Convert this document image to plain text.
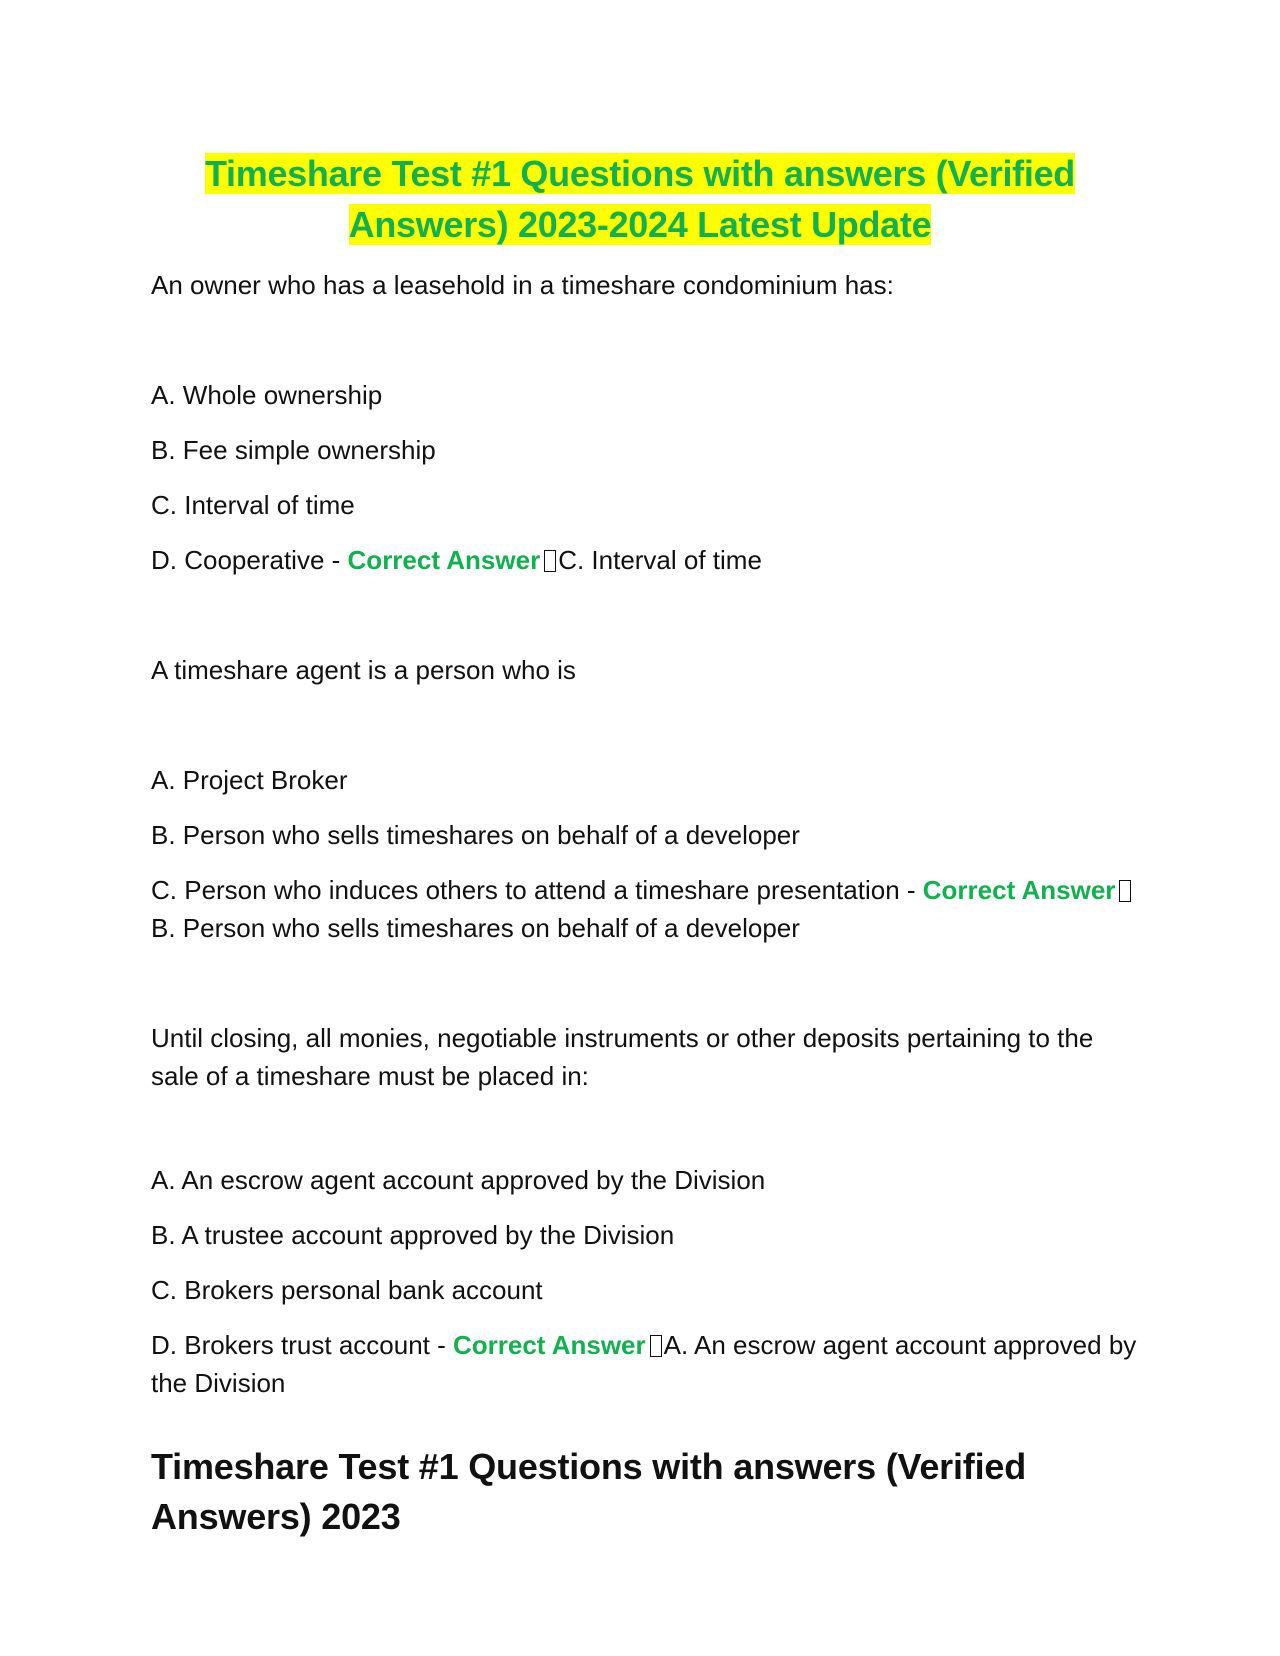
Timeshare Test #1 Questions with answers (Verified
Answers) 2023-2024 Latest Update
An owner who has a leasehold in a timeshare condominium has:
A. Whole ownership
B. Fee simple ownership
C. Interval of time
D. Cooperative - Correct Answer C. Interval of time
A timeshare agent is a person who is
A. Project Broker
B. Person who sells timeshares on behalf of a developer
C. Person who induces others to attend a timeshare presentation - Correct AnswerB. Person who sells timeshares on behalf of a developer
Until closing, all monies, negotiable instruments or other deposits pertaining to the sale of a timeshare must be placed in:
A. An escrow agent account approved by the Division
B. A trustee account approved by the Division
C. Brokers personal bank account
D. Brokers trust account - Correct Answer A. An escrow agent account approved by the Division
Timeshare Test #1 Questions with answers (Verified Answers) 2023
